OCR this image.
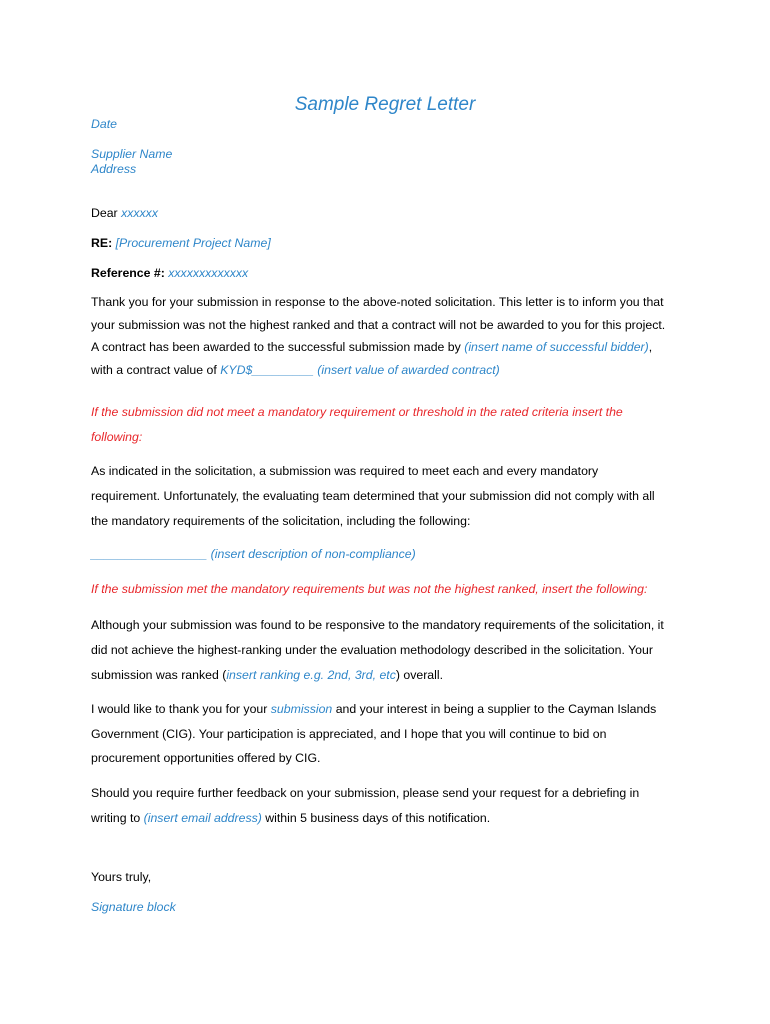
Sample Regret Letter
Date
Supplier Name
Address
Dear xxxxxx
RE: [Procurement Project Name]
Reference #: xxxxxxxxxxxxx
Thank you for your submission in response to the above-noted solicitation. This letter is to inform you that
your submission was not the highest ranked and that a contract will not be awarded to you for this project.
A contract has been awarded to the successful submission made by (insert name of successful bidder),
with a contract value of KYD$_________ (insert value of awarded contract)
If the submission did not meet a mandatory requirement or threshold in the rated criteria insert the
following:
As indicated in the solicitation, a submission was required to meet each and every mandatory
requirement. Unfortunately, the evaluating team determined that your submission did not comply with all
the mandatory requirements of the solicitation, including the following:
_________________ (insert description of non-compliance)
If the submission met the mandatory requirements but was not the highest ranked, insert the following:
Although your submission was found to be responsive to the mandatory requirements of the solicitation, it
did not achieve the highest-ranking under the evaluation methodology described in the solicitation. Your
submission was ranked (insert ranking e.g. 2nd, 3rd, etc) overall.
I would like to thank you for your submission and your interest in being a supplier to the Cayman Islands
Government (CIG). Your participation is appreciated, and I hope that you will continue to bid on
procurement opportunities offered by CIG.
Should you require further feedback on your submission, please send your request for a debriefing in
writing to (insert email address) within 5 business days of this notification.
Yours truly,
Signature block
